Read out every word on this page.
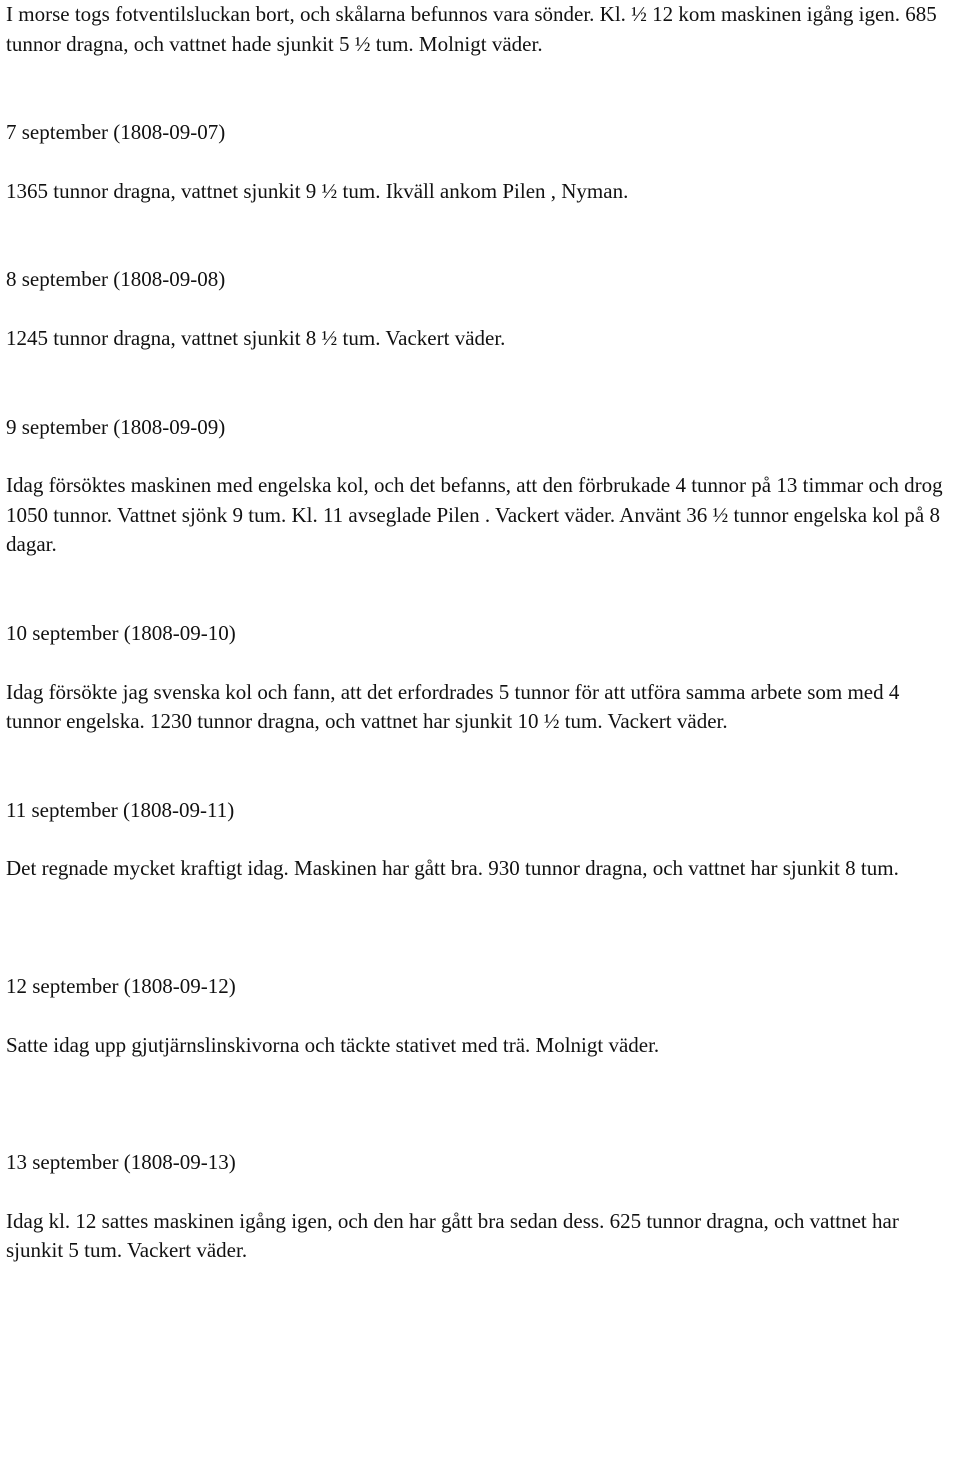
I morse togs fotventilsluckan bort, och skålarna befunnos vara sönder. Kl. ½ 12 kom maskinen igång igen. 685 tunnor dragna, och vattnet hade sjunkit 5 ½ tum. Molnigt väder.

7 september (1808-09-07)

1365 tunnor dragna, vattnet sjunkit 9 ½ tum. Ikväll ankom Pilen , Nyman.

8 september (1808-09-08)

1245 tunnor dragna, vattnet sjunkit 8 ½ tum. Vackert väder.

9 september (1808-09-09)

Idag försöktes maskinen med engelska kol, och det befanns, att den förbrukade 4 tunnor på 13 timmar och drog 1050 tunnor. Vattnet sjönk 9 tum. Kl. 11 avseglade Pilen . Vackert väder. Använt 36 ½ tunnor engelska kol på 8 dagar.

10 september (1808-09-10)

Idag försökte jag svenska kol och fann, att det erfordrades 5 tunnor för att utföra samma arbete som med 4 tunnor engelska. 1230 tunnor dragna, och vattnet har sjunkit 10 ½ tum. Vackert väder.

11 september (1808-09-11)

Det regnade mycket kraftigt idag. Maskinen har gått bra. 930 tunnor dragna, och vattnet har sjunkit 8 tum.

12 september (1808-09-12)

Satte idag upp gjutjärnslinskivorna och täckte stativet med trä. Molnigt väder.

13 september (1808-09-13)

Idag kl. 12 sattes maskinen igång igen, och den har gått bra sedan dess. 625 tunnor dragna, och vattnet har sjunkit 5 tum. Vackert väder.
